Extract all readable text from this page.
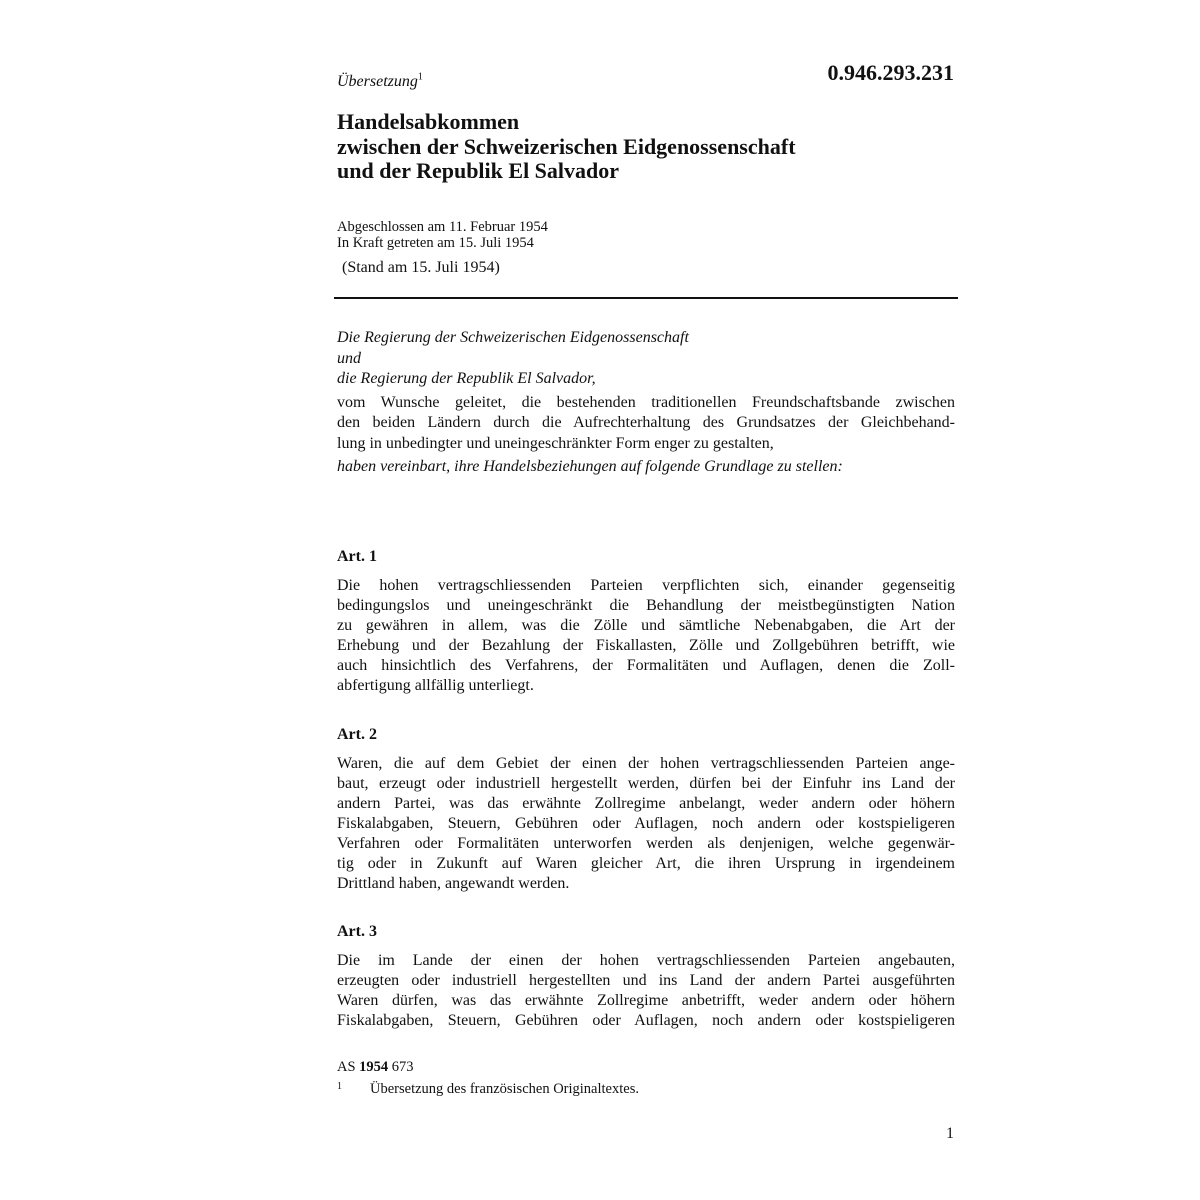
Übersetzung$^1$	0.946.293.231
Handelsabkommen
zwischen der Schweizerischen Eidgenossenschaft
und der Republik El Salvador
Abgeschlossen am 11. Februar 1954
In Kraft getreten am 15. Juli 1954
(Stand am 15. Juli 1954)
Die Regierung der Schweizerischen Eidgenossenschaft
und
die Regierung der Republik El Salvador,
vom Wunsche geleitet, die bestehenden traditionellen Freundschaftsbande zwischen
den beiden Ländern durch die Aufrechterhaltung des Grundsatzes der Gleichbehand-
lung in unbedingter und uneingeschränkter Form enger zu gestalten,
haben vereinbart, ihre Handelsbeziehungen auf folgende Grundlage zu stellen:
Art. 1
Die hohen vertragschliessenden Parteien verpflichten sich, einander gegenseitig
bedingungslos und uneingeschränkt die Behandlung der meistbegünstigten Nation
zu gewähren in allem, was die Zölle und sämtliche Nebenabgaben, die Art der
Erhebung und der Bezahlung der Fiskallasten, Zölle und Zollgebühren betrifft, wie
auch hinsichtlich des Verfahrens, der Formalitäten und Auflagen, denen die Zoll-
abfertigung allfällig unterliegt.
Art. 2
Waren, die auf dem Gebiet der einen der hohen vertragschliessenden Parteien ange-
baut, erzeugt oder industriell hergestellt werden, dürfen bei der Einfuhr ins Land der
andern Partei, was das erwähnte Zollregime anbelangt, weder andern oder höhern
Fiskalabgaben, Steuern, Gebühren oder Auflagen, noch andern oder kostspieligeren
Verfahren oder Formalitäten unterworfen werden als denjenigen, welche gegenwär-
tig oder in Zukunft auf Waren gleicher Art, die ihren Ursprung in irgendeinem
Drittland haben, angewandt werden.
Art. 3
Die im Lande der einen der hohen vertragschliessenden Parteien angebauten,
erzeugten oder industriell hergestellten und ins Land der andern Partei ausgeführten
Waren dürfen, was das erwähnte Zollregime anbetrifft, weder andern oder höhern
Fiskalabgaben, Steuern, Gebühren oder Auflagen, noch andern oder kostspieligeren
AS 1954 673
1 Übersetzung des französischen Originaltextes.
1
